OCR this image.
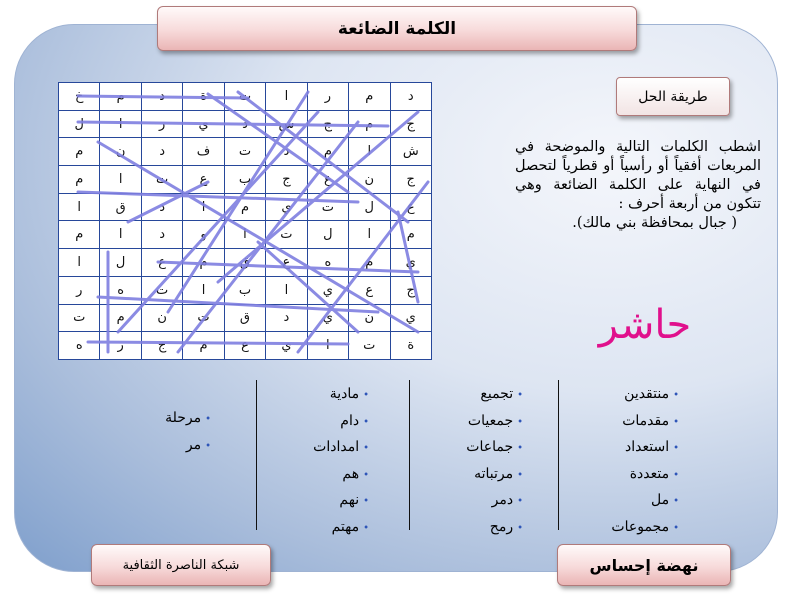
الكلمة الضائعة
طريقة الحل
خ	م	د	ة	ت	ا	ر	م	د
ل	ا	ر	ي	د	س	ج	م	ج
م	ن	د	ف	ت	د	م	ا	ش
م	ا	ت	ع	ب	ج	ع	ن	ج
ا	ق	د	ا	م	ي	ت	ل	ع
م	ا	د	و	ا	ت	ل	ا	م
ا	ل	ع	م	ق	ع	ه	م	ي
ر	ه	ت	ا	ب	ا	ي	ع	ج
ت	م	ن	ت	ق	د	ي	ن	ي
ه	ر	ج	م	ع	ي	ا	ت	ة
اشطب الكلمات التالية والموضحة في المربعات أفقياً أو رأسياً أو قطرياً لتحصل في النهاية على الكلمة الضائعة وهي تتكون من أربعة أحرف :
( جبال بمحافظة بني مالك).
حاشر
•منتقدين
•مقدمات
•استعداد
•متعددة
•مل
•مجموعات
•تجميع
•جمعيات
•جماعات
•مرتباته
•دمر
•رمح
•مادية
•دام
•امدادات
•هم
•نهم
•مهتم
•مرحلة
•مر
شبكة الناصرة الثقافية	نهضة إحساس
